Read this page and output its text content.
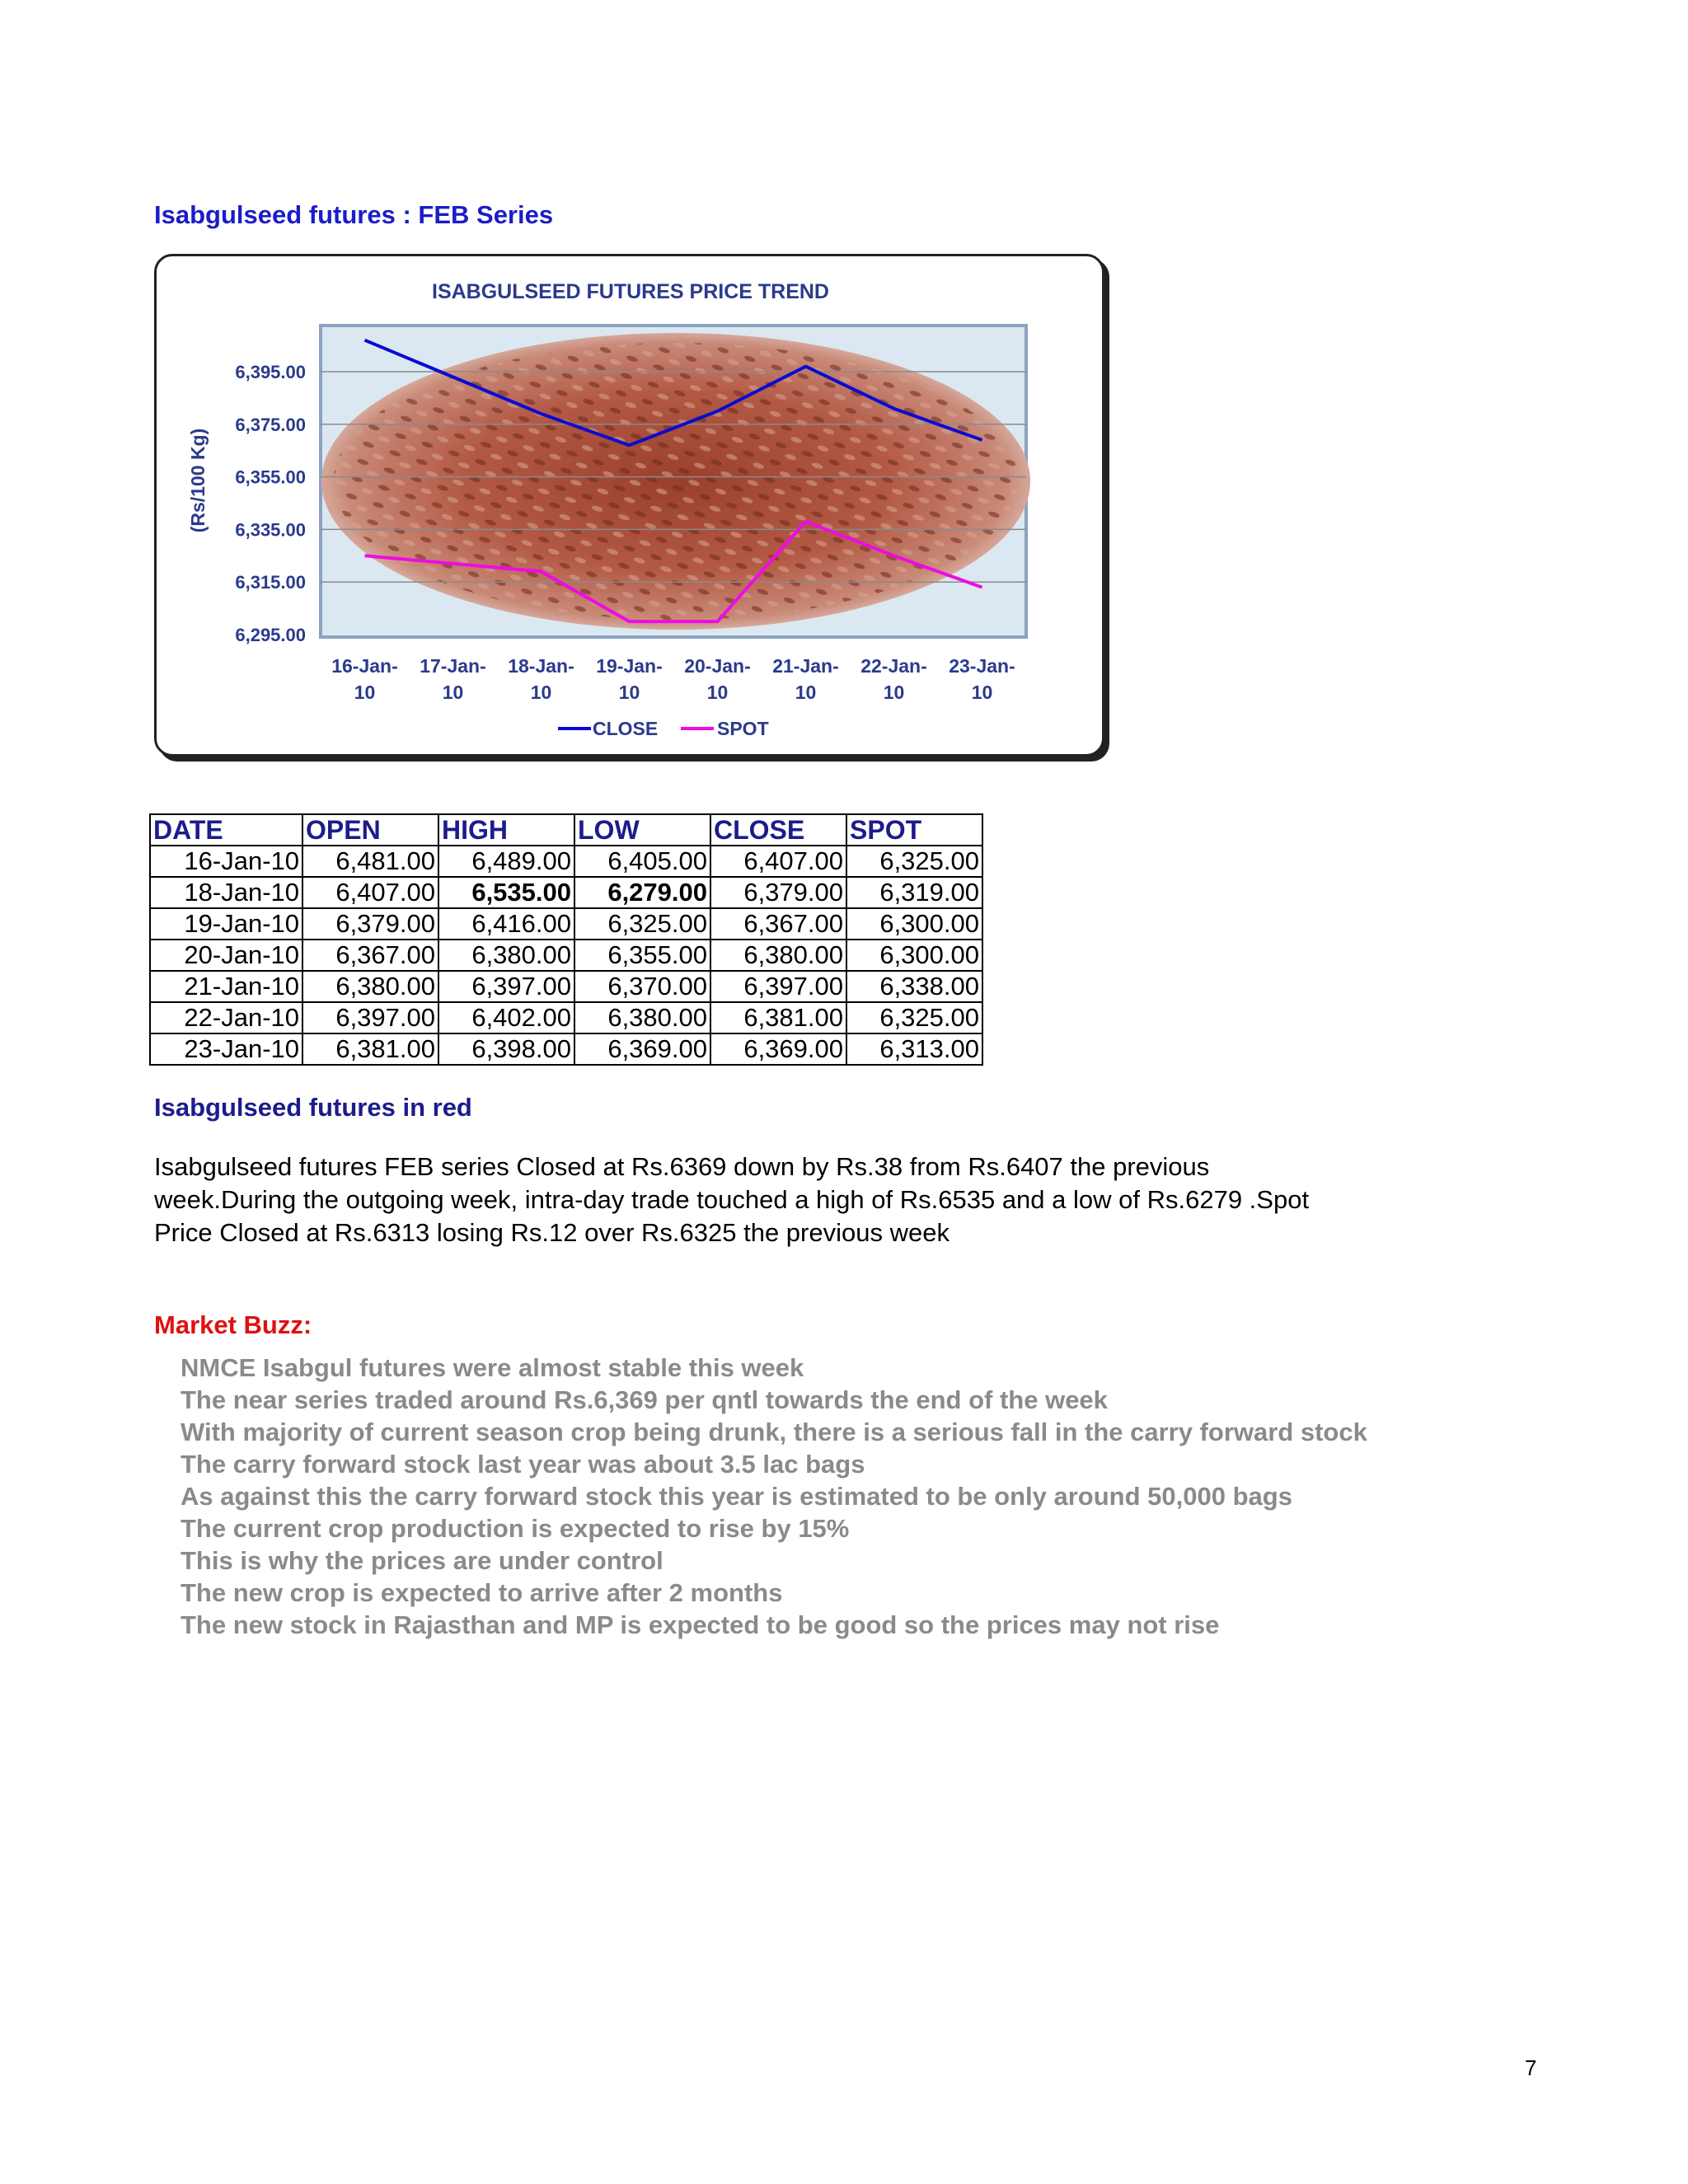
Isabgulseed futures : FEB Series
ISABGULSEED FUTURES PRICE TREND
6,295.00
6,315.00
6,335.00
6,355.00
6,375.00
6,395.00
16-Jan-
10
17-Jan-
10
18-Jan-
10
19-Jan-
10
20-Jan-
10
21-Jan-
10
22-Jan-
10
23-Jan-
10
(Rs/100 Kg)
CLOSE	SPOT
DATE	OPEN	HIGH	LOW	CLOSE	SPOT
16-Jan-10	6,481.00	6,489.00	6,405.00	6,407.00	6,325.00
18-Jan-10	6,407.00	6,535.00	6,279.00	6,379.00	6,319.00
19-Jan-10	6,379.00	6,416.00	6,325.00	6,367.00	6,300.00
20-Jan-10	6,367.00	6,380.00	6,355.00	6,380.00	6,300.00
21-Jan-10	6,380.00	6,397.00	6,370.00	6,397.00	6,338.00
22-Jan-10	6,397.00	6,402.00	6,380.00	6,381.00	6,325.00
23-Jan-10	6,381.00	6,398.00	6,369.00	6,369.00	6,313.00
Isabgulseed futures in red
Isabgulseed futures FEB series Closed at Rs.6369 down by Rs.38 from Rs.6407 the previous
week.During the outgoing week, intra-day trade touched a high of Rs.6535 and a low of Rs.6279 .Spot
Price Closed at Rs.6313 losing Rs.12 over Rs.6325 the previous week
Market Buzz:
NMCE Isabgul futures were almost stable this week
The near series traded around Rs.6,369 per qntl towards the end of the week
With majority of current season crop being drunk, there is a serious fall in the carry forward stock
The carry forward stock last year was about 3.5 lac bags
As against this the carry forward stock this year is estimated to be only around 50,000 bags
The current crop production is expected to rise by 15%
This is why the prices are under control
The new crop is expected to arrive after 2 months
The new stock in Rajasthan and MP is expected to be good so the prices may not rise
7
